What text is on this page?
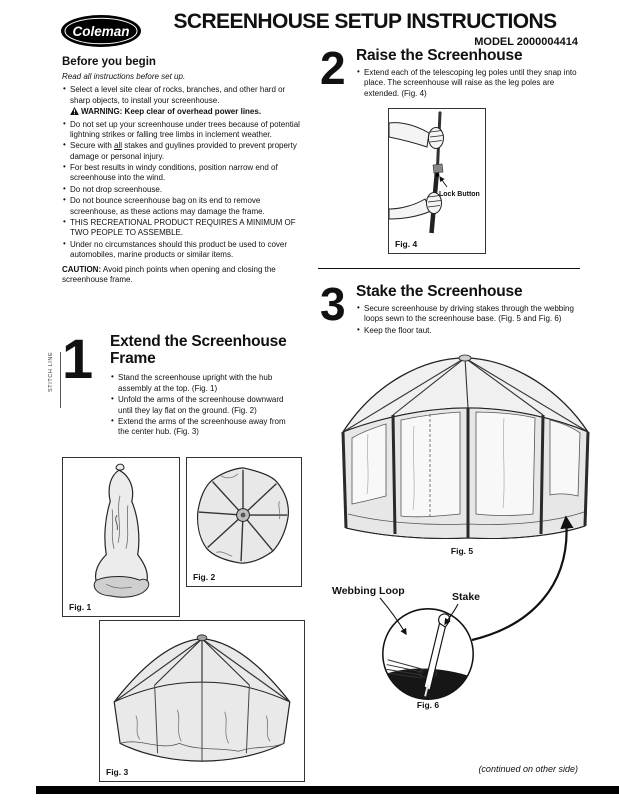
Coleman	SCREENHOUSE SETUP INSTRUCTIONS
MODEL 2000004414
Before you begin
Read all instructions before set up.
• Select a level site clear of rocks, branches, and other hard or sharp objects, to install your screenhouse.
WARNING: Keep clear of overhead power lines.
• Do not set up your screenhouse under trees because of potential lightning strikes or falling tree limbs in inclement weather.
• Secure with all stakes and guylines provided to prevent property damage or personal injury.
• For best results in windy conditions, position narrow end of screenhouse into the wind.
• Do not drop screenhouse.
• Do not bounce screenhouse bag on its end to remove screenhouse, as these actions may damage the frame.
• THIS RECREATIONAL PRODUCT REQUIRES A MINIMUM OF TWO PEOPLE TO ASSEMBLE.
• Under no circumstances should this product be used to cover automobiles, marine products or similar items.
CAUTION: Avoid pinch points when opening and closing the screenhouse frame.
1 Extend the Screenhouse Frame
• Stand the screenhouse upright with the hub assembly at the top. (Fig. 1)
• Unfold the arms of the screenhouse downward until they lay flat on the ground. (Fig. 2)
• Extend the arms of the screenhouse away from the center hub. (Fig. 3)
2 Raise the Screenhouse
• Extend each of the telescoping leg poles until they snap into place. The screenhouse will raise as the leg poles are extended. (Fig. 4)
Lock Button
Fig. 4
3 Stake the Screenhouse
• Secure screenhouse by driving stakes through the webbing loops sewn to the screenhouse base. (Fig. 5 and Fig. 6)
• Keep the floor taut.
Fig. 1
Fig. 2
Fig. 3
Fig. 5
Fig. 6
Webbing Loop	Stake
STITCH LINE
(continued on other side)
